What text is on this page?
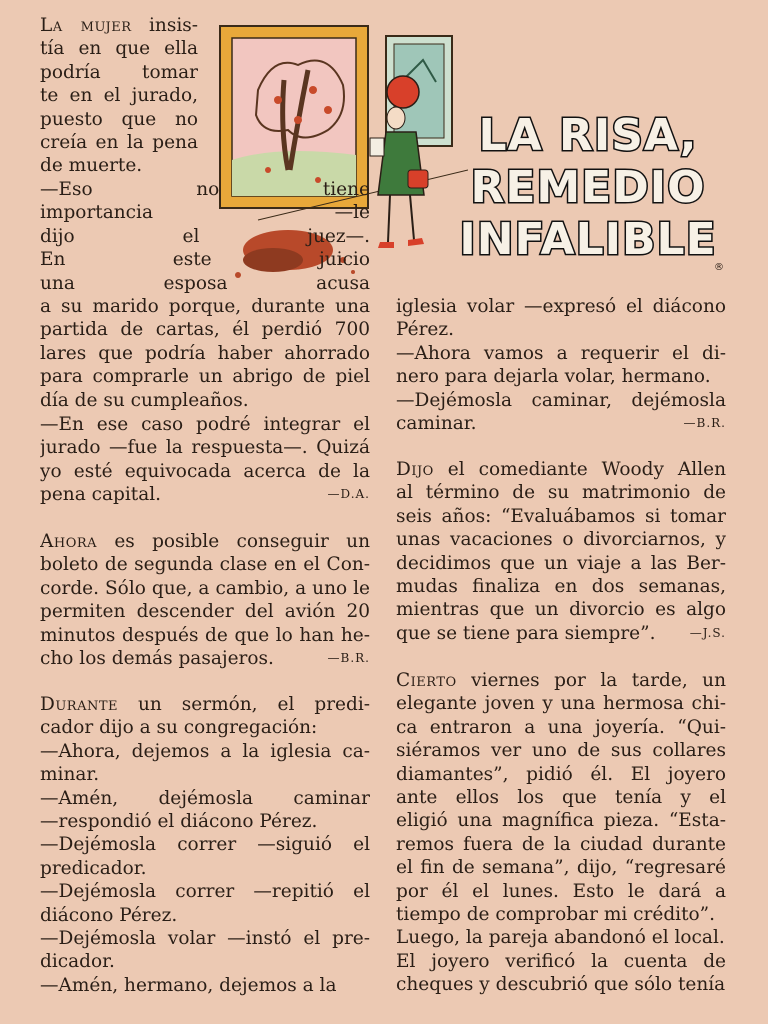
LA RISA,
REMEDIO
INFALIBLE
®
La mujer insis-
tía en que ella
podría tomar
te en el jurado,
puesto que no
creía en la pena
de muerte.
—Eso no tiene
importancia —le
dijo el juez—.
En este juicio
una esposa acusa
a su marido porque, durante una
partida de cartas, él perdió 700
lares que podría haber ahorrado
para comprarle un abrigo de piel
día de su cumpleaños.
—En ese caso podré integrar el
jurado —fue la respuesta—. Quizá
yo esté equivocada acerca de la
pena capital.	—D.A.
Ahora es posible conseguir un
boleto de segunda clase en el Con-
corde. Sólo que, a cambio, a uno le
permiten descender del avión 20
minutos después de que lo han he-
cho los demás pasajeros.	—B.R.
Durante un sermón, el predi-
cador dijo a su congregación:
—Ahora, dejemos a la iglesia ca-
minar.
—Amén, dejémosla caminar
—respondió el diácono Pérez.
—Dejémosla correr —siguió el
predicador.
—Dejémosla correr —repitió el
diácono Pérez.
—Dejémosla volar —instó el pre-
dicador.
—Amén, hermano, dejemos a la
iglesia volar —expresó el diácono
Pérez.
—Ahora vamos a requerir el di-
nero para dejarla volar, hermano.
—Dejémosla caminar, dejémosla
caminar.	—B.R.
Dijo el comediante Woody Allen
al término de su matrimonio de
seis años: “Evaluábamos si tomar
unas vacaciones o divorciarnos, y
decidimos que un viaje a las Ber-
mudas finaliza en dos semanas,
mientras que un divorcio es algo
que se tiene para siempre”.	—J.S.
Cierto viernes por la tarde, un
elegante joven y una hermosa chi-
ca entraron a una joyería. “Qui-
siéramos ver uno de sus collares
diamantes”, pidió él. El joyero
ante ellos los que tenía y el
eligió una magnífica pieza. “Esta-
remos fuera de la ciudad durante
el fin de semana”, dijo, “regresaré
por él el lunes. Esto le dará a
tiempo de comprobar mi crédito”.
Luego, la pareja abandonó el local.
El joyero verificó la cuenta de
cheques y descubrió que sólo tenía
